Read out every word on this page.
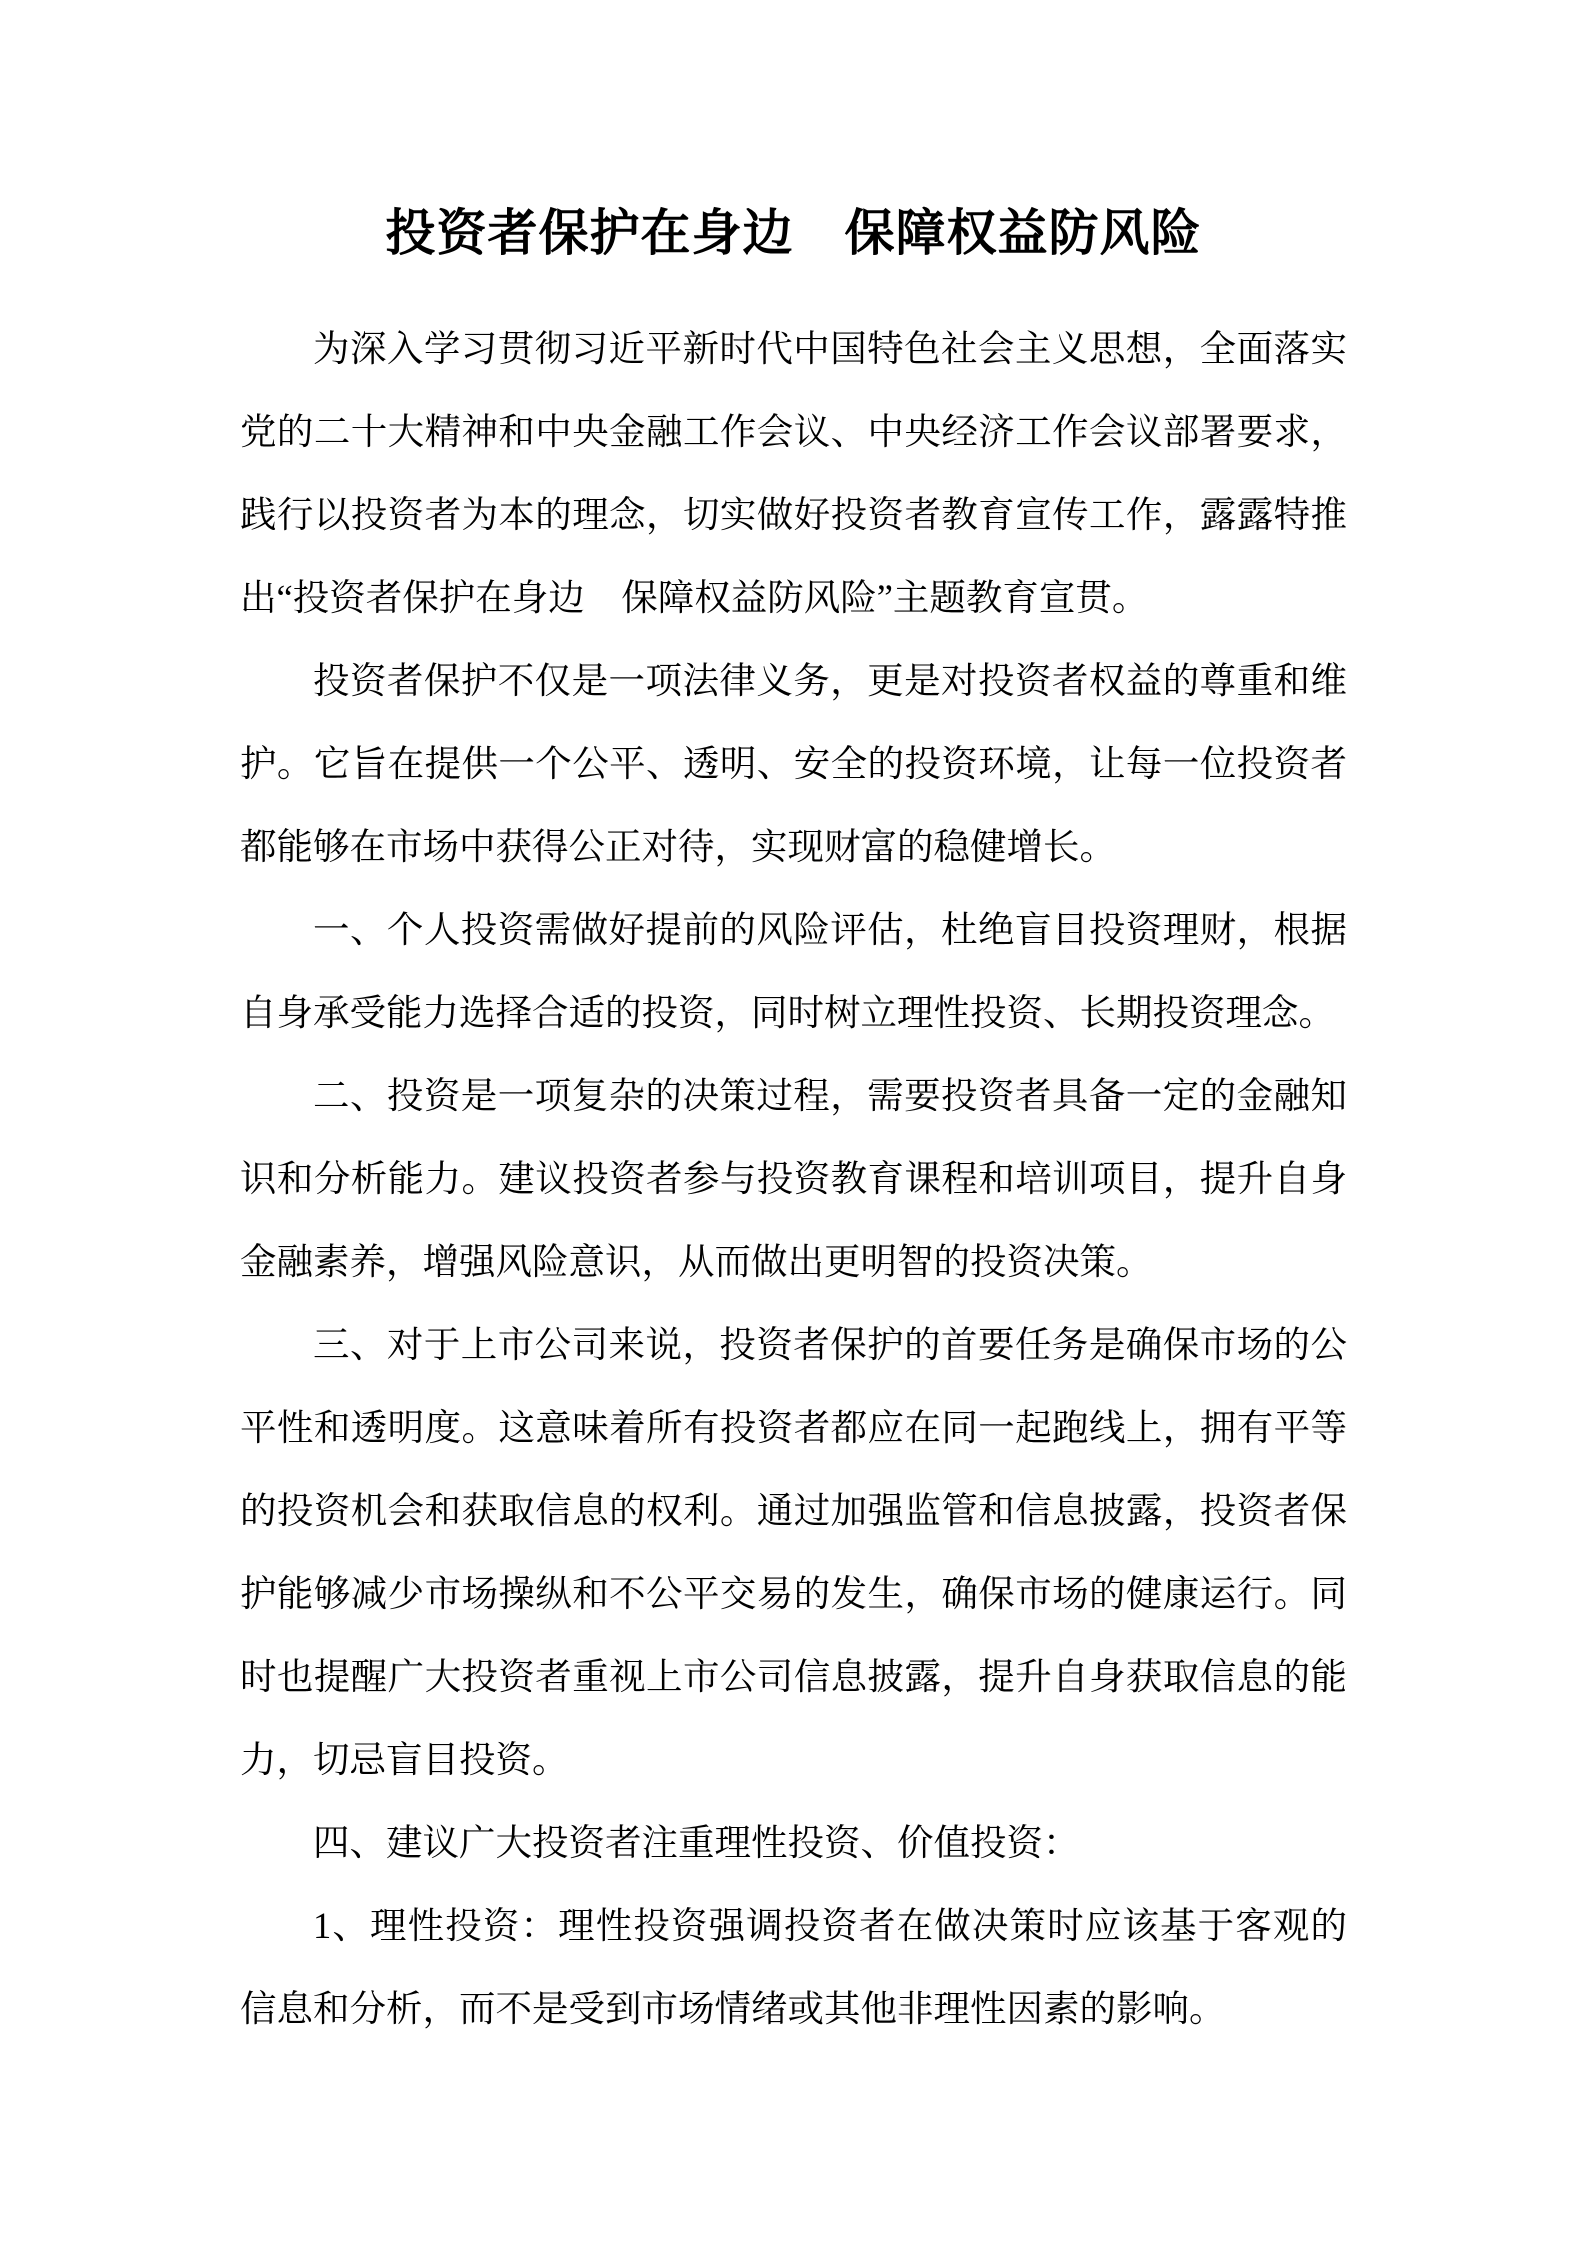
投资者保护在身边　保障权益防风险

为深入学习贯彻习近平新时代中国特色社会主义思想，全面落实党的二十大精神和中央金融工作会议、中央经济工作会议部署要求，践行以投资者为本的理念，切实做好投资者教育宣传工作，露露特推出“投资者保护在身边　保障权益防风险”主题教育宣贯。

投资者保护不仅是一项法律义务，更是对投资者权益的尊重和维护。它旨在提供一个公平、透明、安全的投资环境，让每一位投资者都能够在市场中获得公正对待，实现财富的稳健增长。

一、个人投资需做好提前的风险评估，杜绝盲目投资理财，根据自身承受能力选择合适的投资，同时树立理性投资、长期投资理念。

二、投资是一项复杂的决策过程，需要投资者具备一定的金融知识和分析能力。建议投资者参与投资教育课程和培训项目，提升自身金融素养，增强风险意识，从而做出更明智的投资决策。

三、对于上市公司来说，投资者保护的首要任务是确保市场的公平性和透明度。这意味着所有投资者都应在同一起跑线上，拥有平等的投资机会和获取信息的权利。通过加强监管和信息披露，投资者保护能够减少市场操纵和不公平交易的发生，确保市场的健康运行。同时也提醒广大投资者重视上市公司信息披露，提升自身获取信息的能力，切忌盲目投资。

四、建议广大投资者注重理性投资、价值投资：

1、理性投资：理性投资强调投资者在做决策时应该基于客观的信息和分析，而不是受到市场情绪或其他非理性因素的影响。
